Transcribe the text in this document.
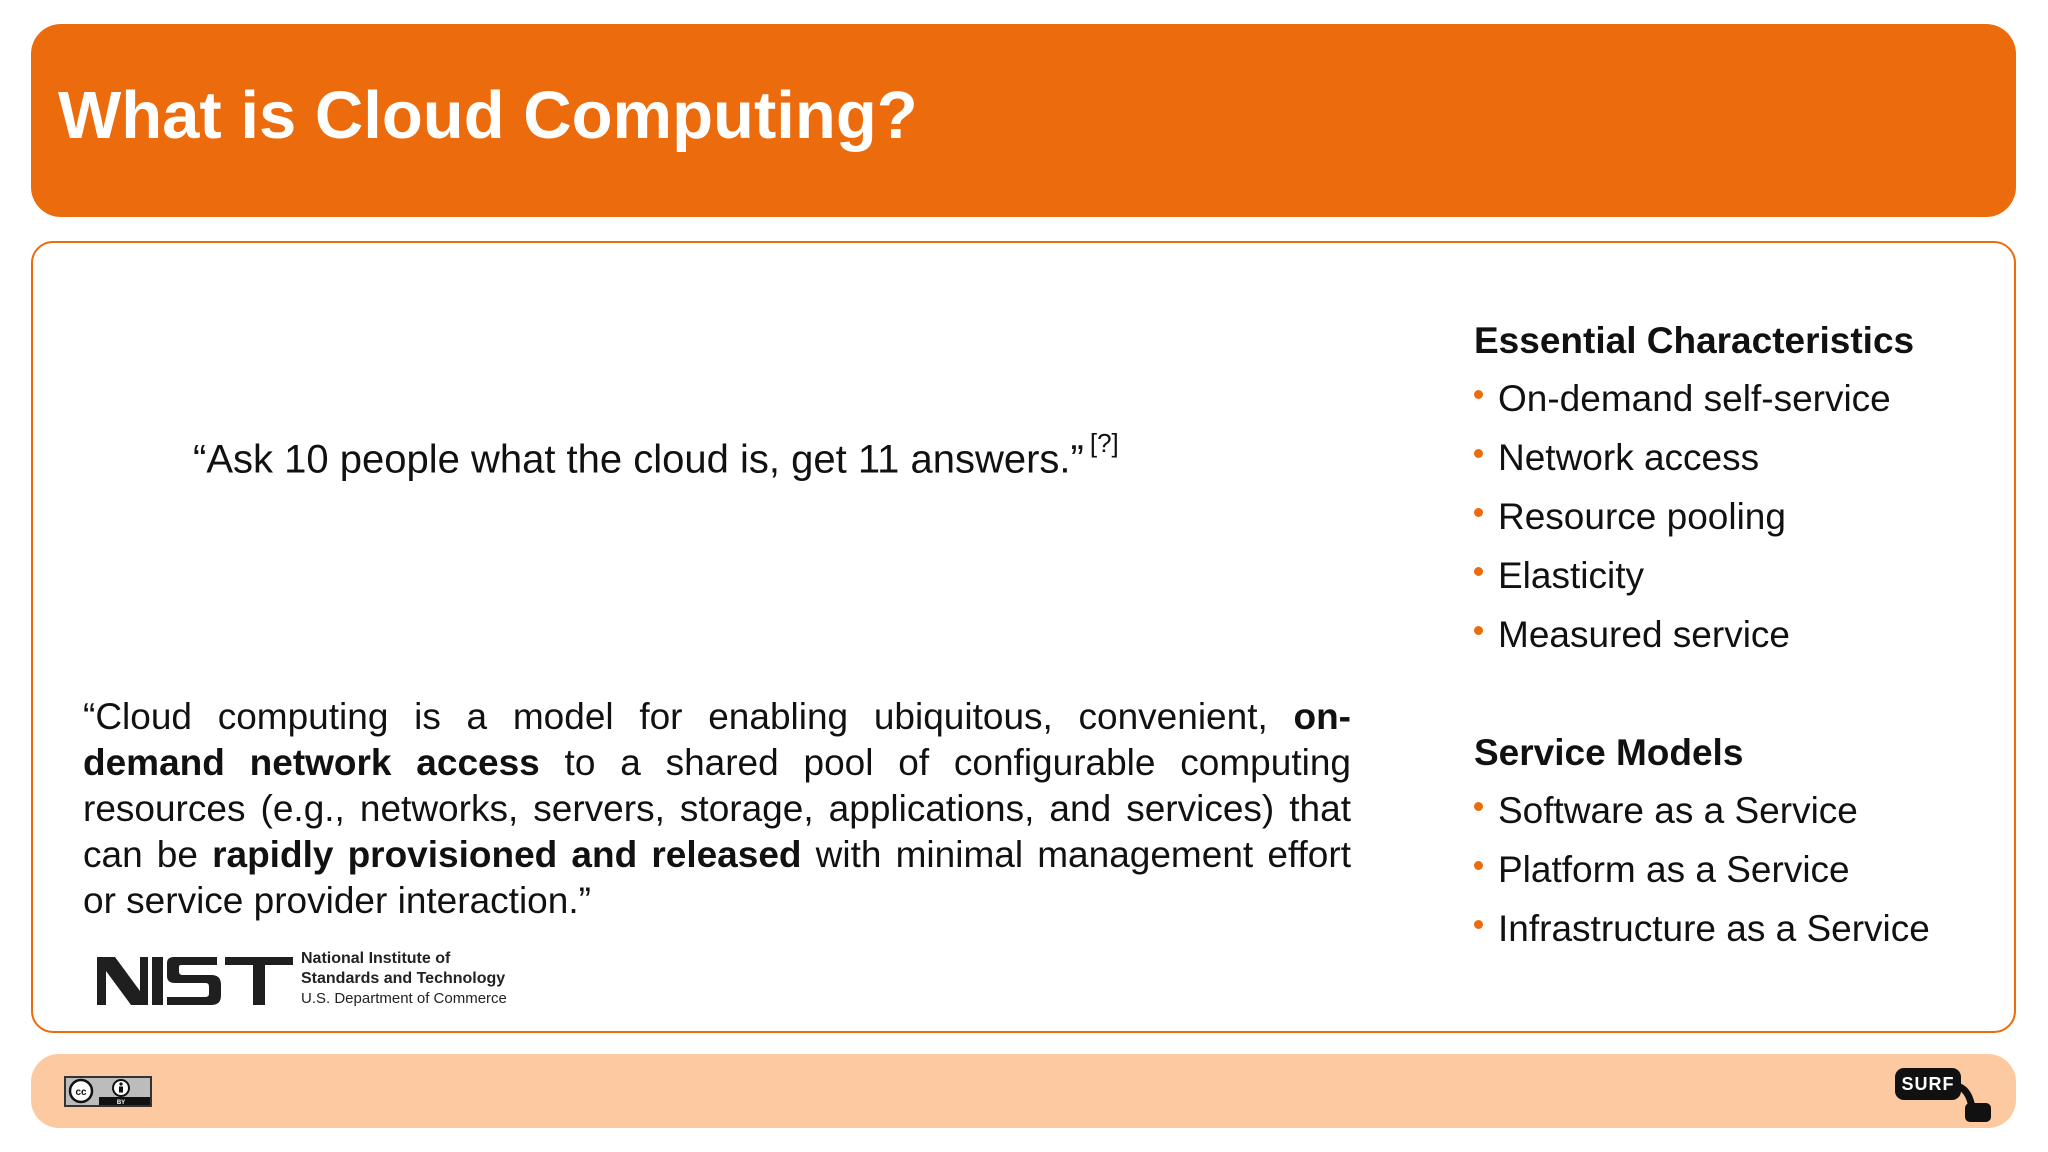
What is Cloud Computing?

“Ask 10 people what the cloud is, get 11 answers.” [?]

“Cloud computing is a model for enabling ubiquitous, convenient, on-demand network access to a shared pool of configurable computing resources (e.g., networks, servers, storage, applications, and services) that can be rapidly provisioned and released with minimal management effort or service provider interaction.”

National Institute of
Standards and Technology
U.S. Department of Commerce
Essential Characteristics
On-demand self-service
Network access
Resource pooling
Elasticity
Measured service
Service Models
Software as a Service
Platform as a Service
Infrastructure as a Service
cc
BY
SURF
